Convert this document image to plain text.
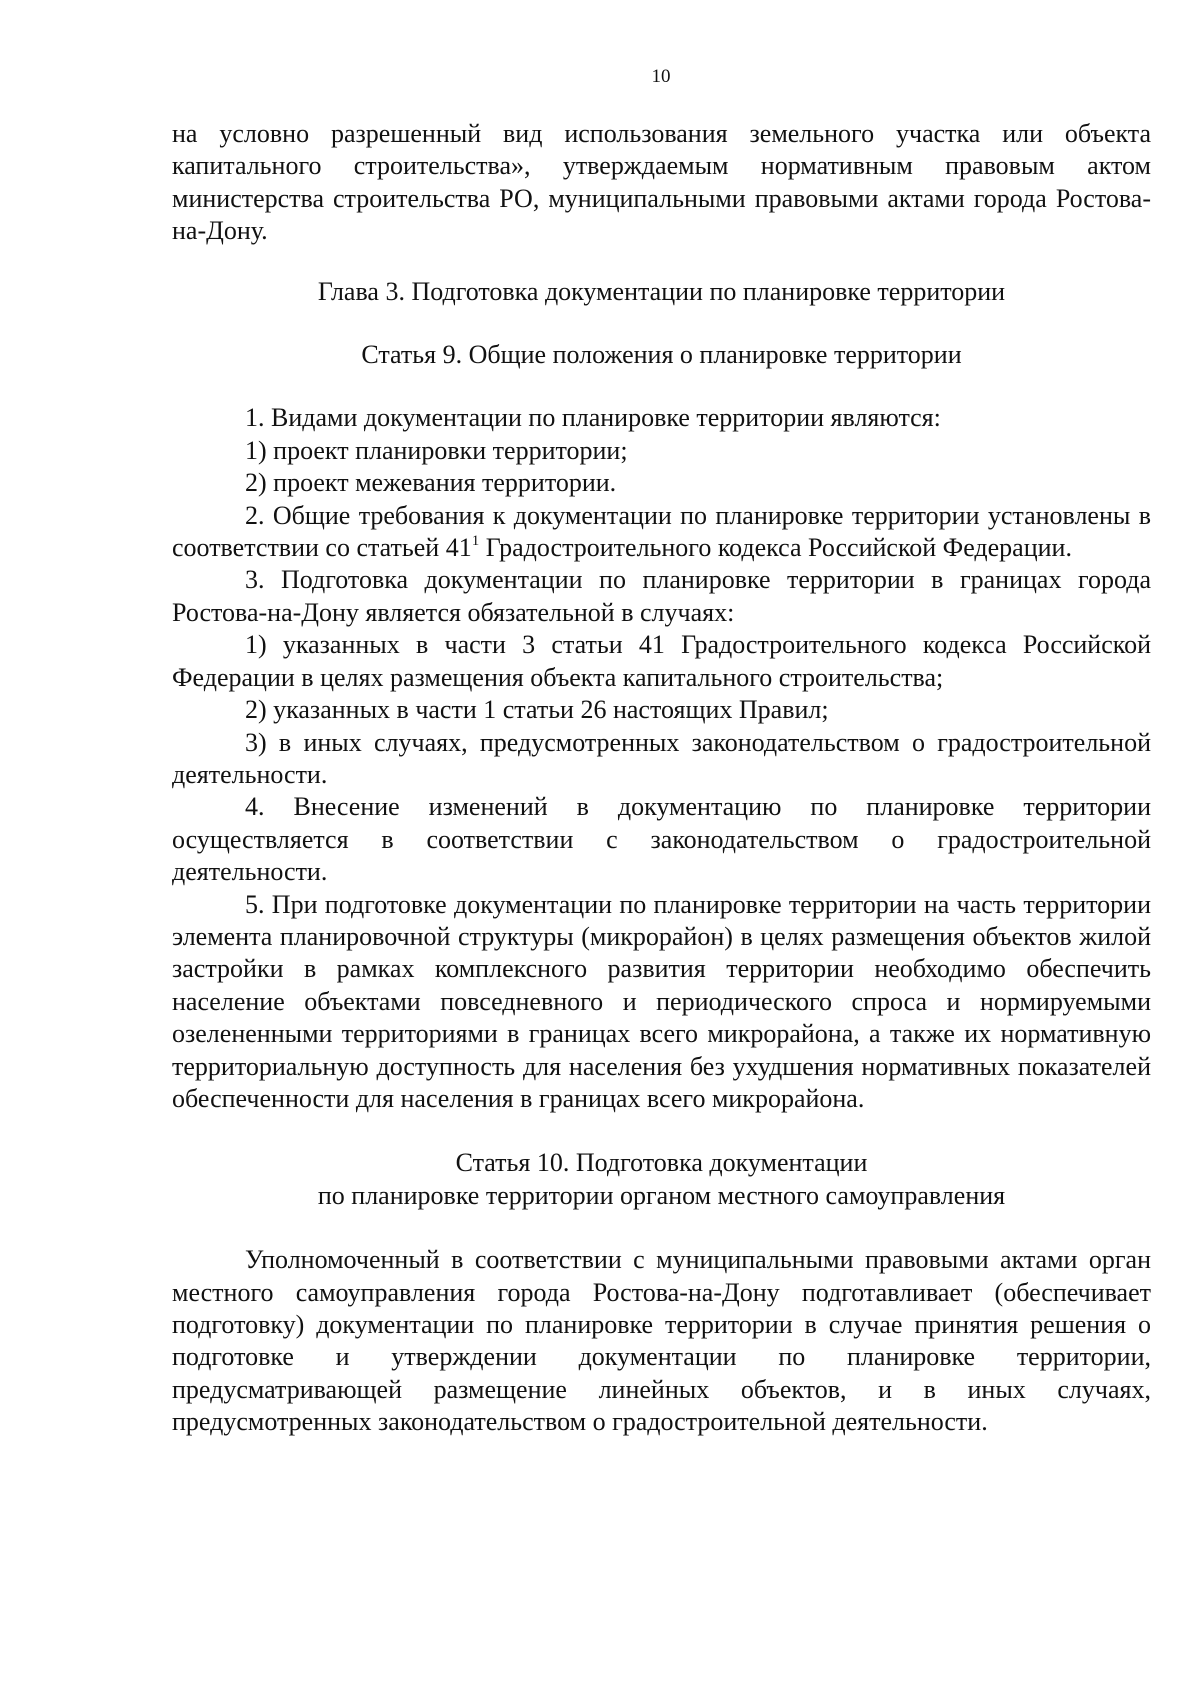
10

на условно разрешенный вид использования земельного участка или объекта капитального строительства», утверждаемым нормативным правовым актом министерства строительства РО, муниципальными правовыми актами города Ростова-на-Дону.

Глава 3. Подготовка документации по планировке территории

Статья 9. Общие положения о планировке территории

1. Видами документации по планировке территории являются:

1) проект планировки территории;

2) проект межевания территории.

2. Общие требования к документации по планировке территории установлены в соответствии со статьей $41^1$ Градостроительного кодекса Российской Федерации.

3. Подготовка документации по планировке территории в границах города Ростова-на-Дону является обязательной в случаях:

1) указанных в части 3 статьи 41 Градостроительного кодекса Российской Федерации в целях размещения объекта капитального строительства;

2) указанных в части 1 статьи 26 настоящих Правил;

3) в иных случаях, предусмотренных законодательством о градостроительной деятельности.

4. Внесение изменений в документацию по планировке территории осуществляется в соответствии с законодательством о градостроительной деятельности.

5. При подготовке документации по планировке территории на часть территории элемента планировочной структуры (микрорайон) в целях размещения объектов жилой застройки в рамках комплексного развития территории необходимо обеспечить население объектами повседневного и периодического спроса и нормируемыми озелененными территориями в границах всего микрорайона, а также их нормативную территориальную доступность для населения без ухудшения нормативных показателей обеспеченности для населения в границах всего микрорайона.

Статья 10. Подготовка документации

по планировке территории органом местного самоуправления

Уполномоченный в соответствии с муниципальными правовыми актами орган местного самоуправления города Ростова-на-Дону подготавливает (обеспечивает подготовку) документации по планировке территории в случае принятия решения о подготовке и утверждении документации по планировке территории, предусматривающей размещение линейных объектов, и в иных случаях, предусмотренных законодательством о градостроительной деятельности.
